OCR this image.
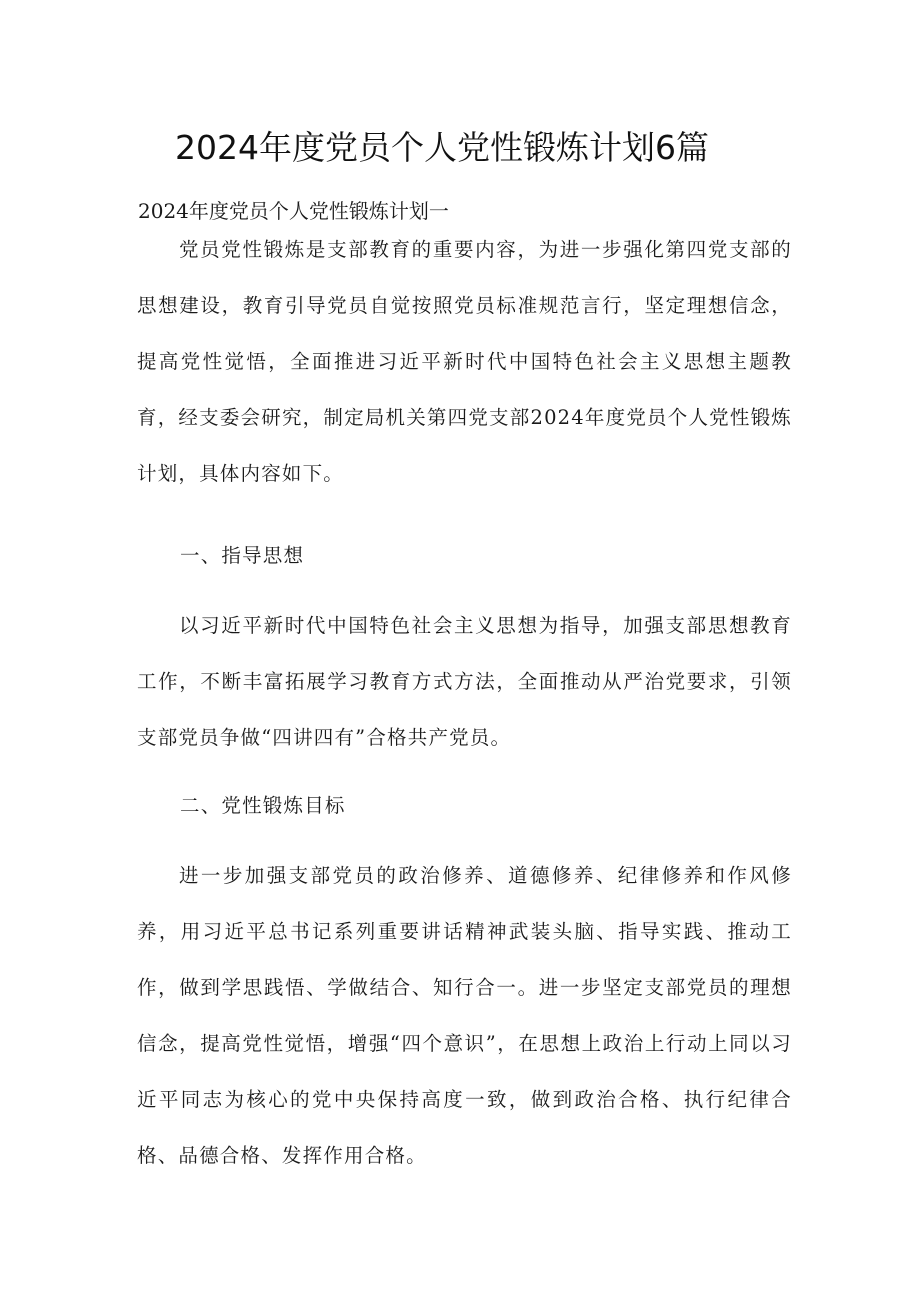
2024年度党员个人党性锻炼计划6篇

2024年度党员个人党性锻炼计划一

党员党性锻炼是支部教育的重要内容，为进一步强化第四党支部的思想建设，教育引导党员自觉按照党员标准规范言行，坚定理想信念，提高党性觉悟，全面推进习近平新时代中国特色社会主义思想主题教育，经支委会研究，制定局机关第四党支部2024年度党员个人党性锻炼计划，具体内容如下。

一、指导思想

以习近平新时代中国特色社会主义思想为指导，加强支部思想教育工作，不断丰富拓展学习教育方式方法，全面推动从严治党要求，引领支部党员争做“四讲四有”合格共产党员。

二、党性锻炼目标

进一步加强支部党员的政治修养、道德修养、纪律修养和作风修养，用习近平总书记系列重要讲话精神武装头脑、指导实践、推动工作，做到学思践悟、学做结合、知行合一。进一步坚定支部党员的理想信念，提高党性觉悟，增强“四个意识”，在思想上政治上行动上同以习近平同志为核心的党中央保持高度一致，做到政治合格、执行纪律合格、品德合格、发挥作用合格。
